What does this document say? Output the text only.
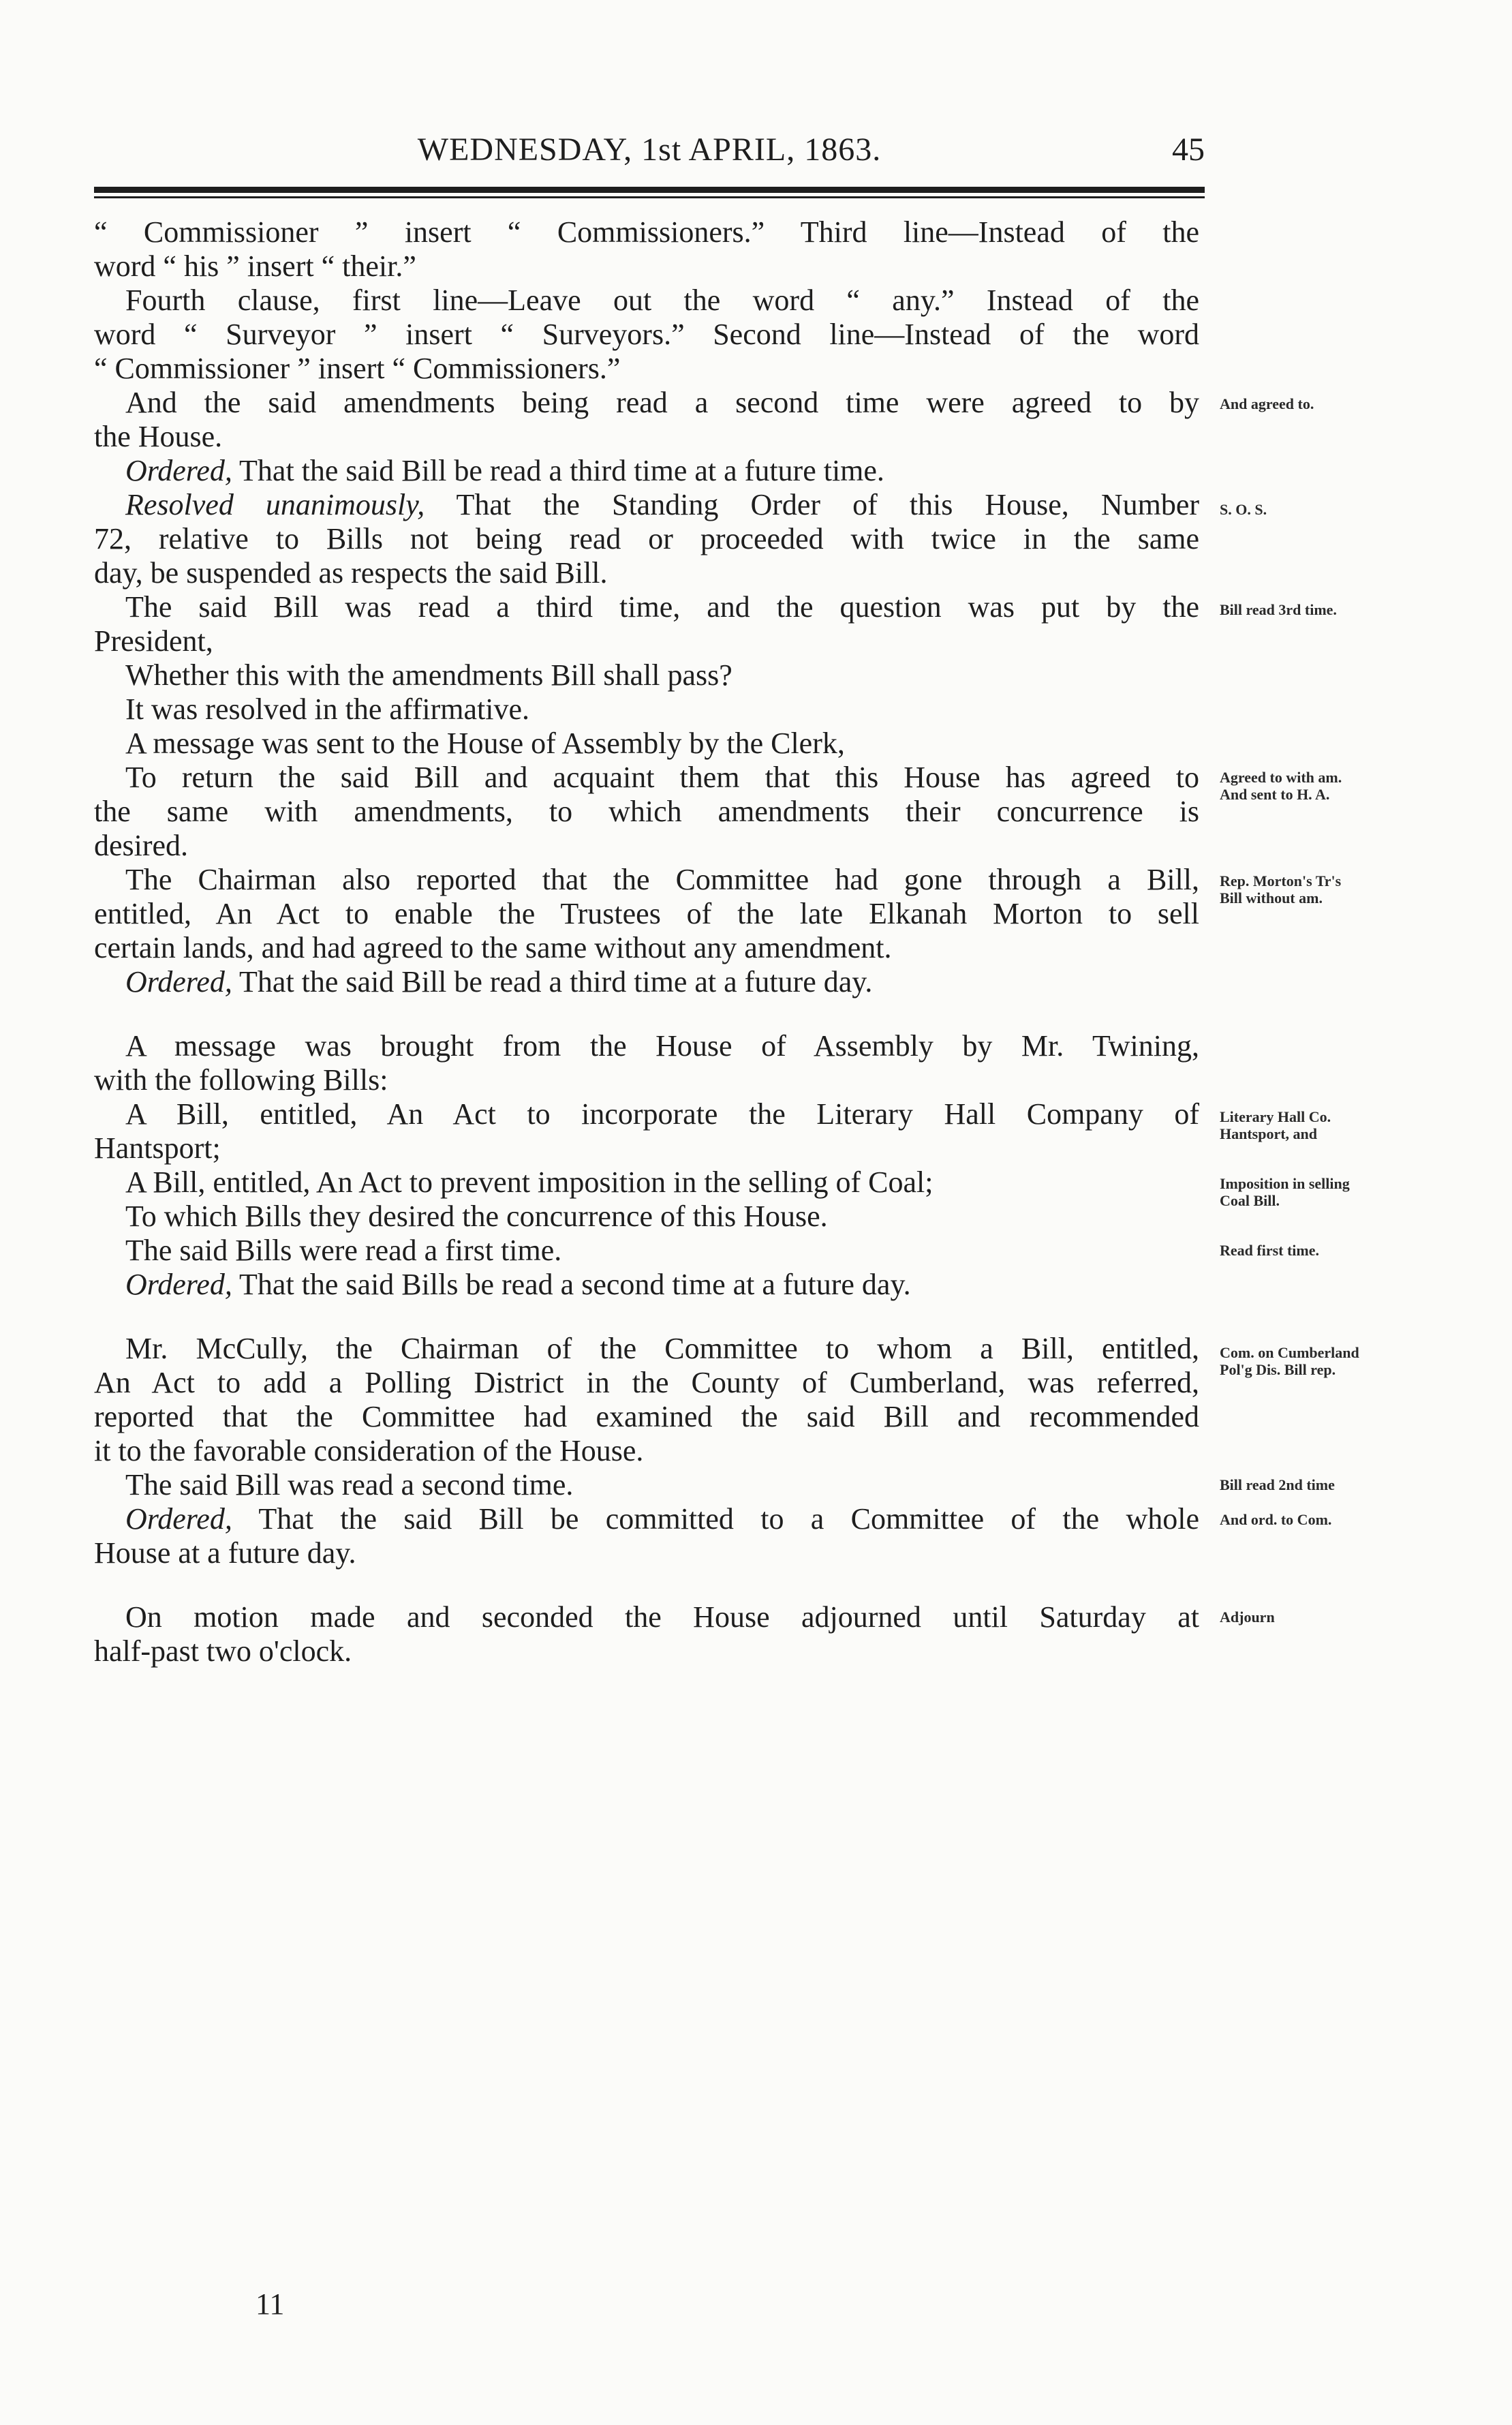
WEDNESDAY, 1st APRIL, 1863.	45
“ Commissioner ” insert “ Commissioners.” Third line—Instead of the
word “ his ” insert “ their.”
Fourth clause, first line—Leave out the word “ any.” Instead of the
word “ Surveyor ” insert “ Surveyors.” Second line—Instead of the word
“ Commissioner ” insert “ Commissioners.”
And the said amendments being read a second time were agreed to by
the House.
Ordered, That the said Bill be read a third time at a future time.
Resolved unanimously, That the Standing Order of this House, Number
72, relative to Bills not being read or proceeded with twice in the same
day, be suspended as respects the said Bill.
The said Bill was read a third time, and the question was put by the
President,
Whether this with the amendments Bill shall pass?
It was resolved in the affirmative.
A message was sent to the House of Assembly by the Clerk,
To return the said Bill and acquaint them that this House has agreed to
the same with amendments, to which amendments their concurrence is
desired.
The Chairman also reported that the Committee had gone through a Bill,
entitled, An Act to enable the Trustees of the late Elkanah Morton to sell
certain lands, and had agreed to the same without any amendment.
Ordered, That the said Bill be read a third time at a future day.
A message was brought from the House of Assembly by Mr. Twining,
with the following Bills:
A Bill, entitled, An Act to incorporate the Literary Hall Company of
Hantsport;
A Bill, entitled, An Act to prevent imposition in the selling of Coal;
To which Bills they desired the concurrence of this House.
The said Bills were read a first time.
Ordered, That the said Bills be read a second time at a future day.
Mr. McCully, the Chairman of the Committee to whom a Bill, entitled,
An Act to add a Polling District in the County of Cumberland, was referred,
reported that the Committee had examined the said Bill and recommended
it to the favorable consideration of the House.
The said Bill was read a second time.
Ordered, That the said Bill be committed to a Committee of the whole
House at a future day.
On motion made and seconded the House adjourned until Saturday at
half-past two o'clock.
And agreed to.
S. O. S.
Bill read 3rd time.
Agreed to with am.
And sent to H. A.
Rep. Morton's Tr's
Bill without am.
Literary Hall Co.
Hantsport, and
Imposition in selling
Coal Bill.
Read first time.
Com. on Cumberland
Pol'g Dis. Bill rep.
Bill read 2nd time
And ord. to Com.
Adjourn
11
